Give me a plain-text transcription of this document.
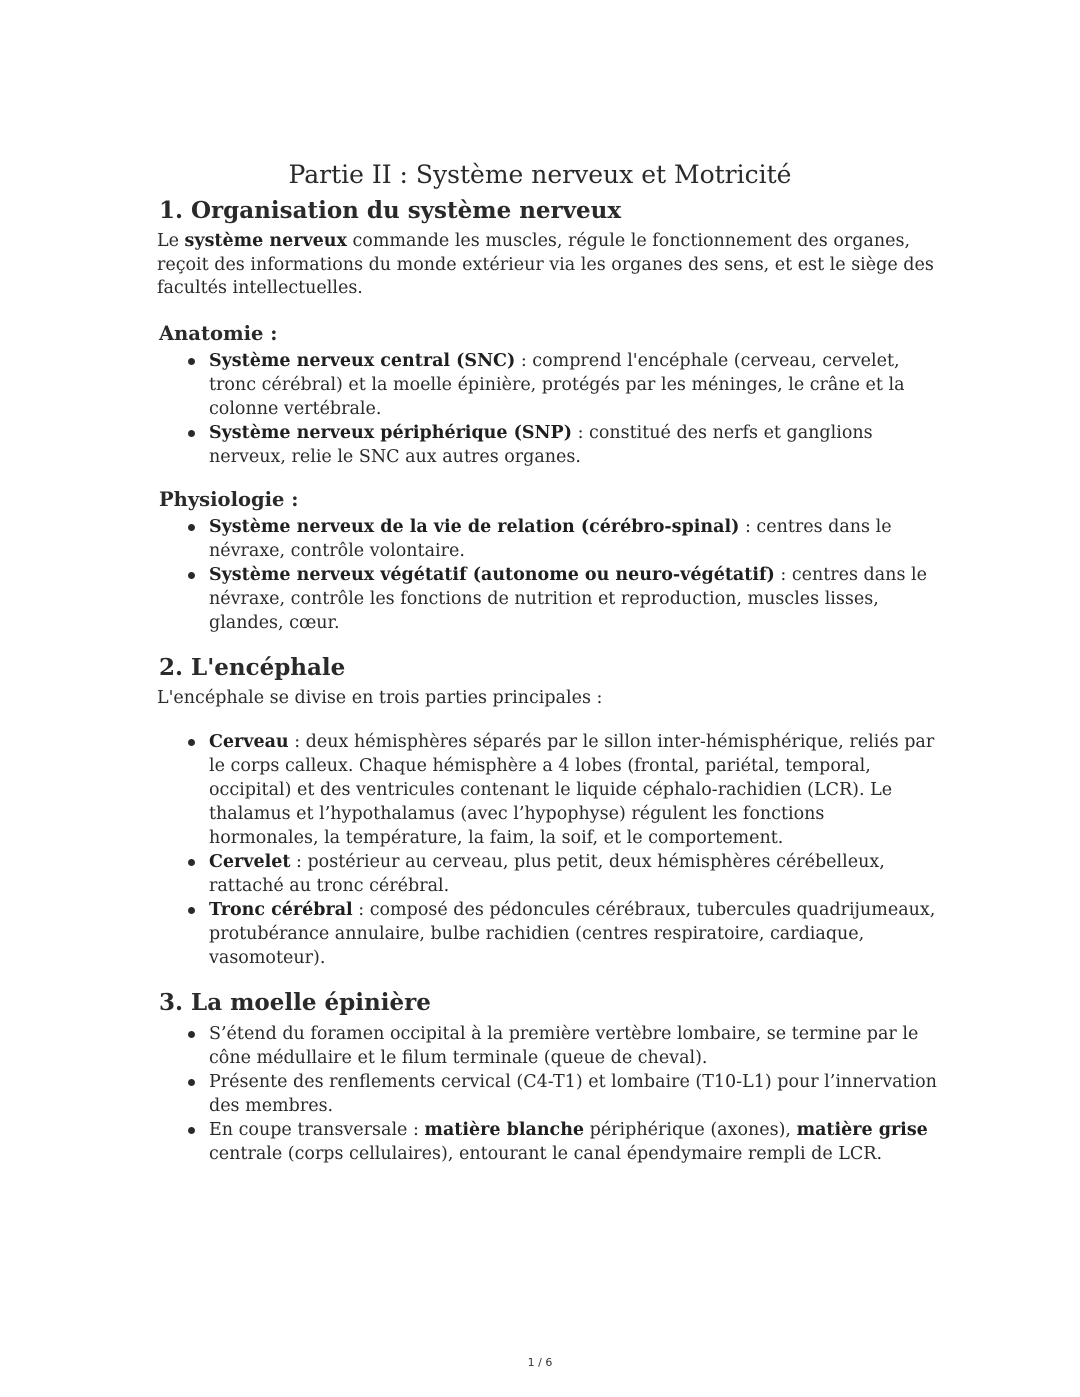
Partie II : Système nerveux et Motricité
1. Organisation du système nerveux

Le système nerveux commande les muscles, régule le fonctionnement des organes, reçoit des informations du monde extérieur via les organes des sens, et est le siège des facultés intellectuelles.

Anatomie :
Système nerveux central (SNC) : comprend l'encéphale (cerveau, cervelet, tronc cérébral) et la moelle épinière, protégés par les méninges, le crâne et la colonne vertébrale.
Système nerveux périphérique (SNP) : constitué des nerfs et ganglions nerveux, relie le SNC aux autres organes.
Physiologie :
Système nerveux de la vie de relation (cérébro-spinal) : centres dans le névraxe, contrôle volontaire.
Système nerveux végétatif (autonome ou neuro-végétatif) : centres dans le névraxe, contrôle les fonctions de nutrition et reproduction, muscles lisses, glandes, cœur.
2. L'encéphale

L'encéphale se divise en trois parties principales :

Cerveau : deux hémisphères séparés par le sillon inter-hémisphérique, reliés par le corps calleux. Chaque hémisphère a 4 lobes (frontal, pariétal, temporal, occipital) et des ventricules contenant le liquide céphalo-rachidien (LCR). Le thalamus et l’hypothalamus (avec l’hypophyse) régulent les fonctions hormonales, la température, la faim, la soif, et le comportement.
Cervelet : postérieur au cerveau, plus petit, deux hémisphères cérébelleux, rattaché au tronc cérébral.
Tronc cérébral : composé des pédoncules cérébraux, tubercules quadrijumeaux, protubérance annulaire, bulbe rachidien (centres respiratoire, cardiaque, vasomoteur).
3. La moelle épinière
S’étend du foramen occipital à la première vertèbre lombaire, se termine par le cône médullaire et le filum terminale (queue de cheval).
Présente des renflements cervical (C4-T1) et lombaire (T10-L1) pour l’innervation des membres.
En coupe transversale : matière blanche périphérique (axones), matière grise centrale (corps cellulaires), entourant le canal épendymaire rempli de LCR.
1 / 6
